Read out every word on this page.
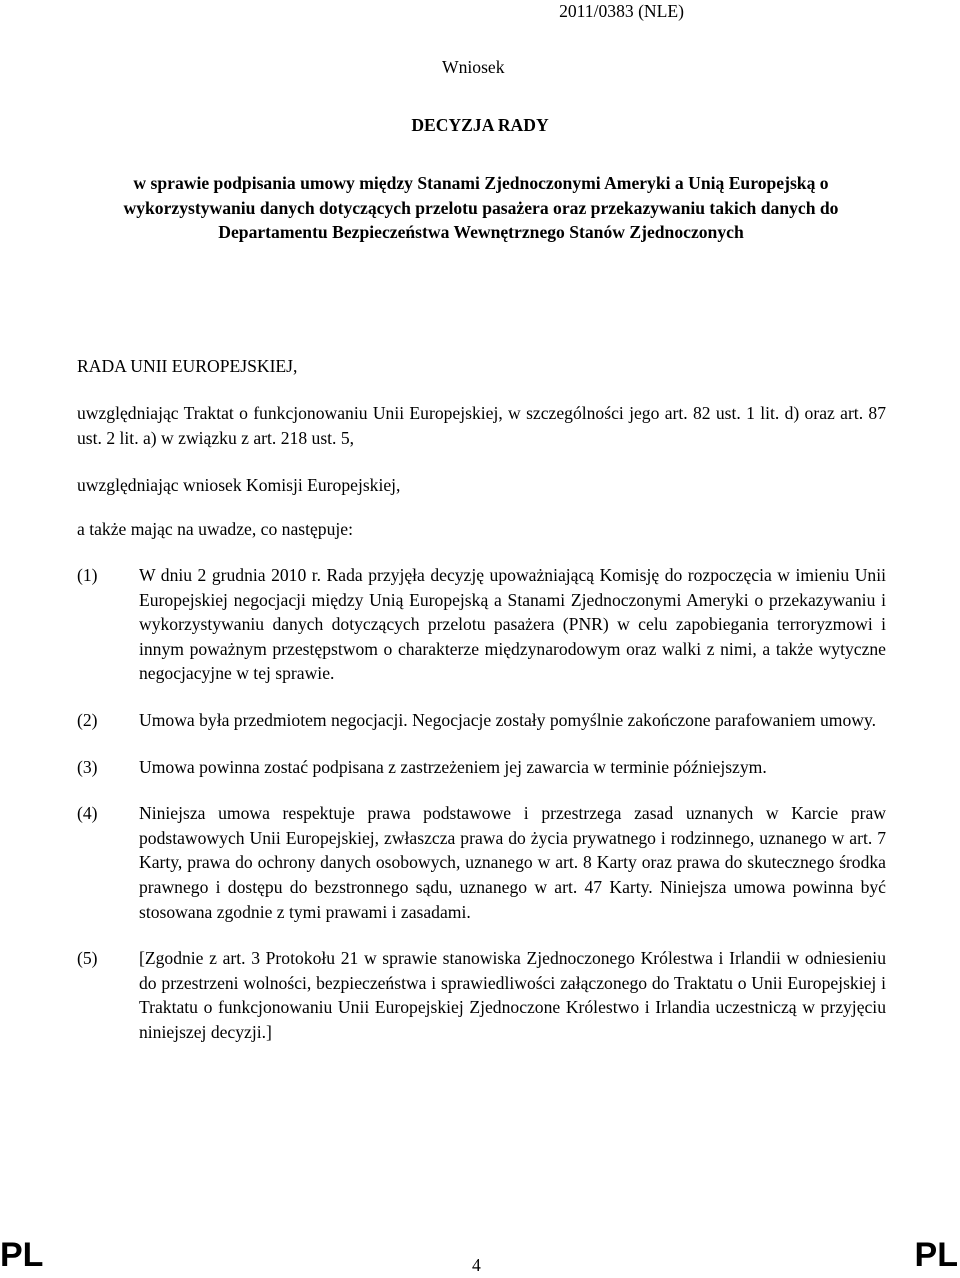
2011/0383 (NLE)
Wniosek
DECYZJA RADY
w sprawie podpisania umowy między Stanami Zjednoczonymi Ameryki a Unią Europejską o wykorzystywaniu danych dotyczących przelotu pasażera oraz przekazywaniu takich danych do Departamentu Bezpieczeństwa Wewnętrznego Stanów Zjednoczonych
RADA UNII EUROPEJSKIEJ,
uwzględniając Traktat o funkcjonowaniu Unii Europejskiej, w szczególności jego art. 82 ust. 1 lit. d) oraz art. 87 ust. 2 lit. a) w związku z art. 218 ust. 5,
uwzględniając wniosek Komisji Europejskiej,
a także mając na uwadze, co następuje:
(1)	W dniu 2 grudnia 2010 r. Rada przyjęła decyzję upoważniającą Komisję do rozpoczęcia w imieniu Unii Europejskiej negocjacji między Unią Europejską a Stanami Zjednoczonymi Ameryki o przekazywaniu i wykorzystywaniu danych dotyczących przelotu pasażera (PNR) w celu zapobiegania terroryzmowi i innym poważnym przestępstwom o charakterze międzynarodowym oraz walki z nimi, a także wytyczne negocjacyjne w tej sprawie.
(2)	Umowa była przedmiotem negocjacji. Negocjacje zostały pomyślnie zakończone parafowaniem umowy.
(3)	Umowa powinna zostać podpisana z zastrzeżeniem jej zawarcia w terminie późniejszym.
(4)	Niniejsza umowa respektuje prawa podstawowe i przestrzega zasad uznanych w Karcie praw podstawowych Unii Europejskiej, zwłaszcza prawa do życia prywatnego i rodzinnego, uznanego w art. 7 Karty, prawa do ochrony danych osobowych, uznanego w art. 8 Karty oraz prawa do skutecznego środka prawnego i dostępu do bezstronnego sądu, uznanego w art. 47 Karty. Niniejsza umowa powinna być stosowana zgodnie z tymi prawami i zasadami.
(5)	[Zgodnie z art. 3 Protokołu 21 w sprawie stanowiska Zjednoczonego Królestwa i Irlandii w odniesieniu do przestrzeni wolności, bezpieczeństwa i sprawiedliwości załączonego do Traktatu o Unii Europejskiej i Traktatu o funkcjonowaniu Unii Europejskiej Zjednoczone Królestwo i Irlandia uczestniczą w przyjęciu niniejszej decyzji.]
PL	4	PL
